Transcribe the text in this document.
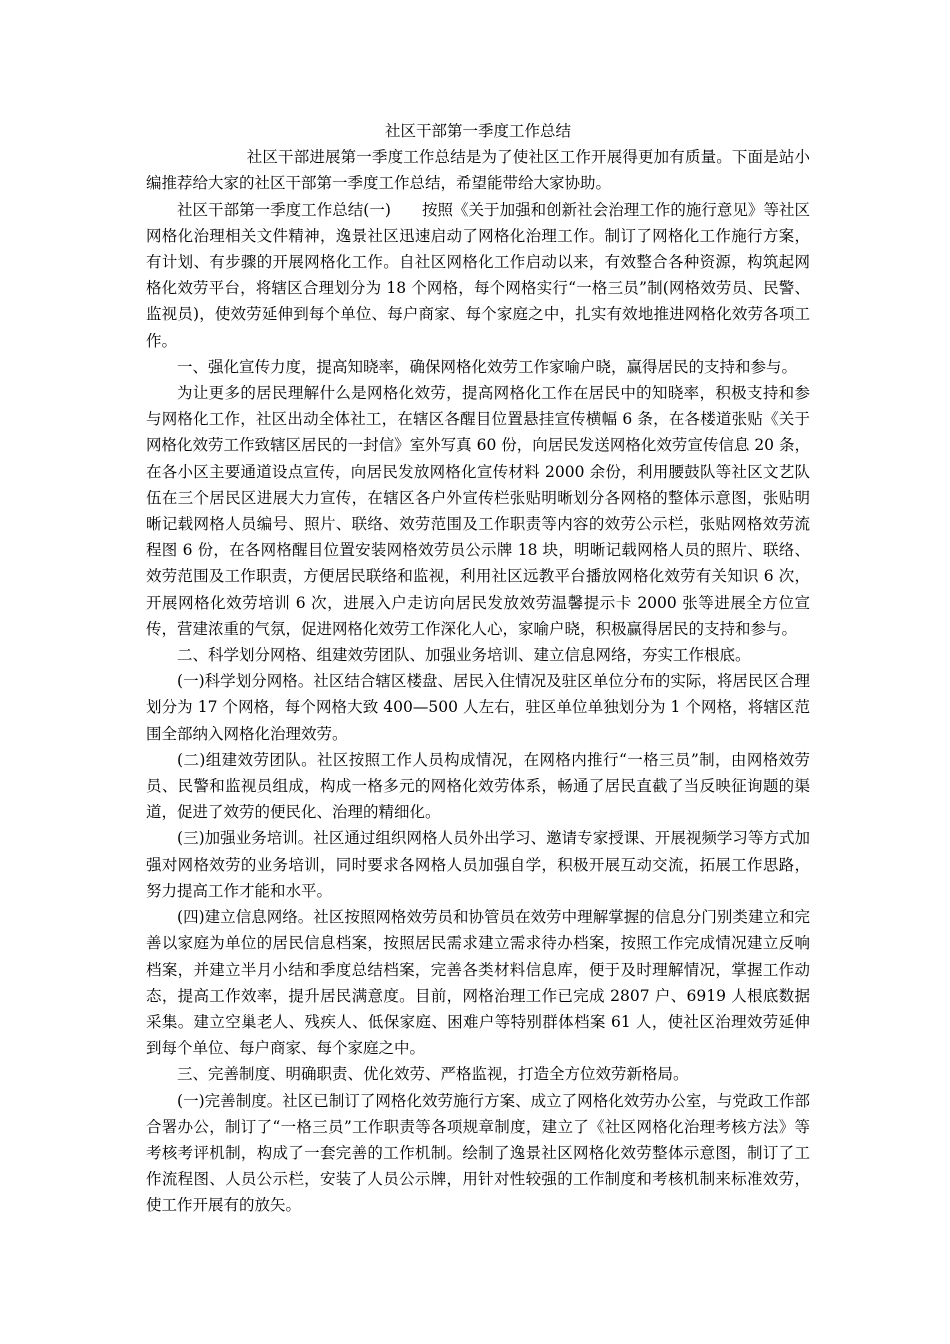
社区干部第一季度工作总结

社区干部进展第一季度工作总结是为了使社区工作开展得更加有质量。下面是站小编推荐给大家的社区干部第一季度工作总结，希望能带给大家协助。

社区干部第一季度工作总结(一)　　按照《关于加强和创新社会治理工作的施行意见》等社区网格化治理相关文件精神，逸景社区迅速启动了网格化治理工作。制订了网格化工作施行方案，有计划、有步骤的开展网格化工作。自社区网格化工作启动以来，有效整合各种资源，构筑起网格化效劳平台，将辖区合理划分为 18 个网格，每个网格实行“一格三员”制(网格效劳员、民警、监视员)，使效劳延伸到每个单位、每户商家、每个家庭之中，扎实有效地推进网格化效劳各项工作。

一、强化宣传力度，提高知晓率，确保网格化效劳工作家喻户晓，赢得居民的支持和参与。

为让更多的居民理解什么是网格化效劳，提高网格化工作在居民中的知晓率，积极支持和参与网格化工作，社区出动全体社工，在辖区各醒目位置悬挂宣传横幅 6 条，在各楼道张贴《关于网格化效劳工作致辖区居民的一封信》室外写真 60 份，向居民发送网格化效劳宣传信息 20 条，在各小区主要通道设点宣传，向居民发放网格化宣传材料 2000 余份，利用腰鼓队等社区文艺队伍在三个居民区进展大力宣传，在辖区各户外宣传栏张贴明晰划分各网格的整体示意图，张贴明晰记载网格人员编号、照片、联络、效劳范围及工作职责等内容的效劳公示栏，张贴网格效劳流程图 6 份，在各网格醒目位置安装网格效劳员公示牌 18 块，明晰记载网格人员的照片、联络、效劳范围及工作职责，方便居民联络和监视，利用社区远教平台播放网格化效劳有关知识 6 次，开展网格化效劳培训 6 次，进展入户走访向居民发放效劳温馨提示卡 2000 张等进展全方位宣传，营建浓重的气氛，促进网格化效劳工作深化人心，家喻户晓，积极赢得居民的支持和参与。

二、科学划分网格、组建效劳团队、加强业务培训、建立信息网络，夯实工作根底。

(一)科学划分网格。社区结合辖区楼盘、居民入住情况及驻区单位分布的实际，将居民区合理划分为 17 个网格，每个网格大致 400—500 人左右，驻区单位单独划分为 1 个网格，将辖区范围全部纳入网格化治理效劳。

(二)组建效劳团队。社区按照工作人员构成情况，在网格内推行“一格三员”制，由网格效劳员、民警和监视员组成，构成一格多元的网格化效劳体系，畅通了居民直截了当反映征询题的渠道，促进了效劳的便民化、治理的精细化。

(三)加强业务培训。社区通过组织网格人员外出学习、邀请专家授课、开展视频学习等方式加强对网格效劳的业务培训，同时要求各网格人员加强自学，积极开展互动交流，拓展工作思路，努力提高工作才能和水平。

(四)建立信息网络。社区按照网格效劳员和协管员在效劳中理解掌握的信息分门别类建立和完善以家庭为单位的居民信息档案，按照居民需求建立需求待办档案，按照工作完成情况建立反响档案，并建立半月小结和季度总结档案，完善各类材料信息库，便于及时理解情况，掌握工作动态，提高工作效率，提升居民满意度。目前，网格治理工作已完成 2807 户、6919 人根底数据采集。建立空巢老人、残疾人、低保家庭、困难户等特别群体档案 61 人，使社区治理效劳延伸到每个单位、每户商家、每个家庭之中。

三、完善制度、明确职责、优化效劳、严格监视，打造全方位效劳新格局。

(一)完善制度。社区已制订了网格化效劳施行方案、成立了网格化效劳办公室，与党政工作部合署办公，制订了“一格三员”工作职责等各项规章制度，建立了《社区网格化治理考核方法》等考核考评机制，构成了一套完善的工作机制。绘制了逸景社区网格化效劳整体示意图，制订了工作流程图、人员公示栏，安装了人员公示牌，用针对性较强的工作制度和考核机制来标准效劳，使工作开展有的放矢。
